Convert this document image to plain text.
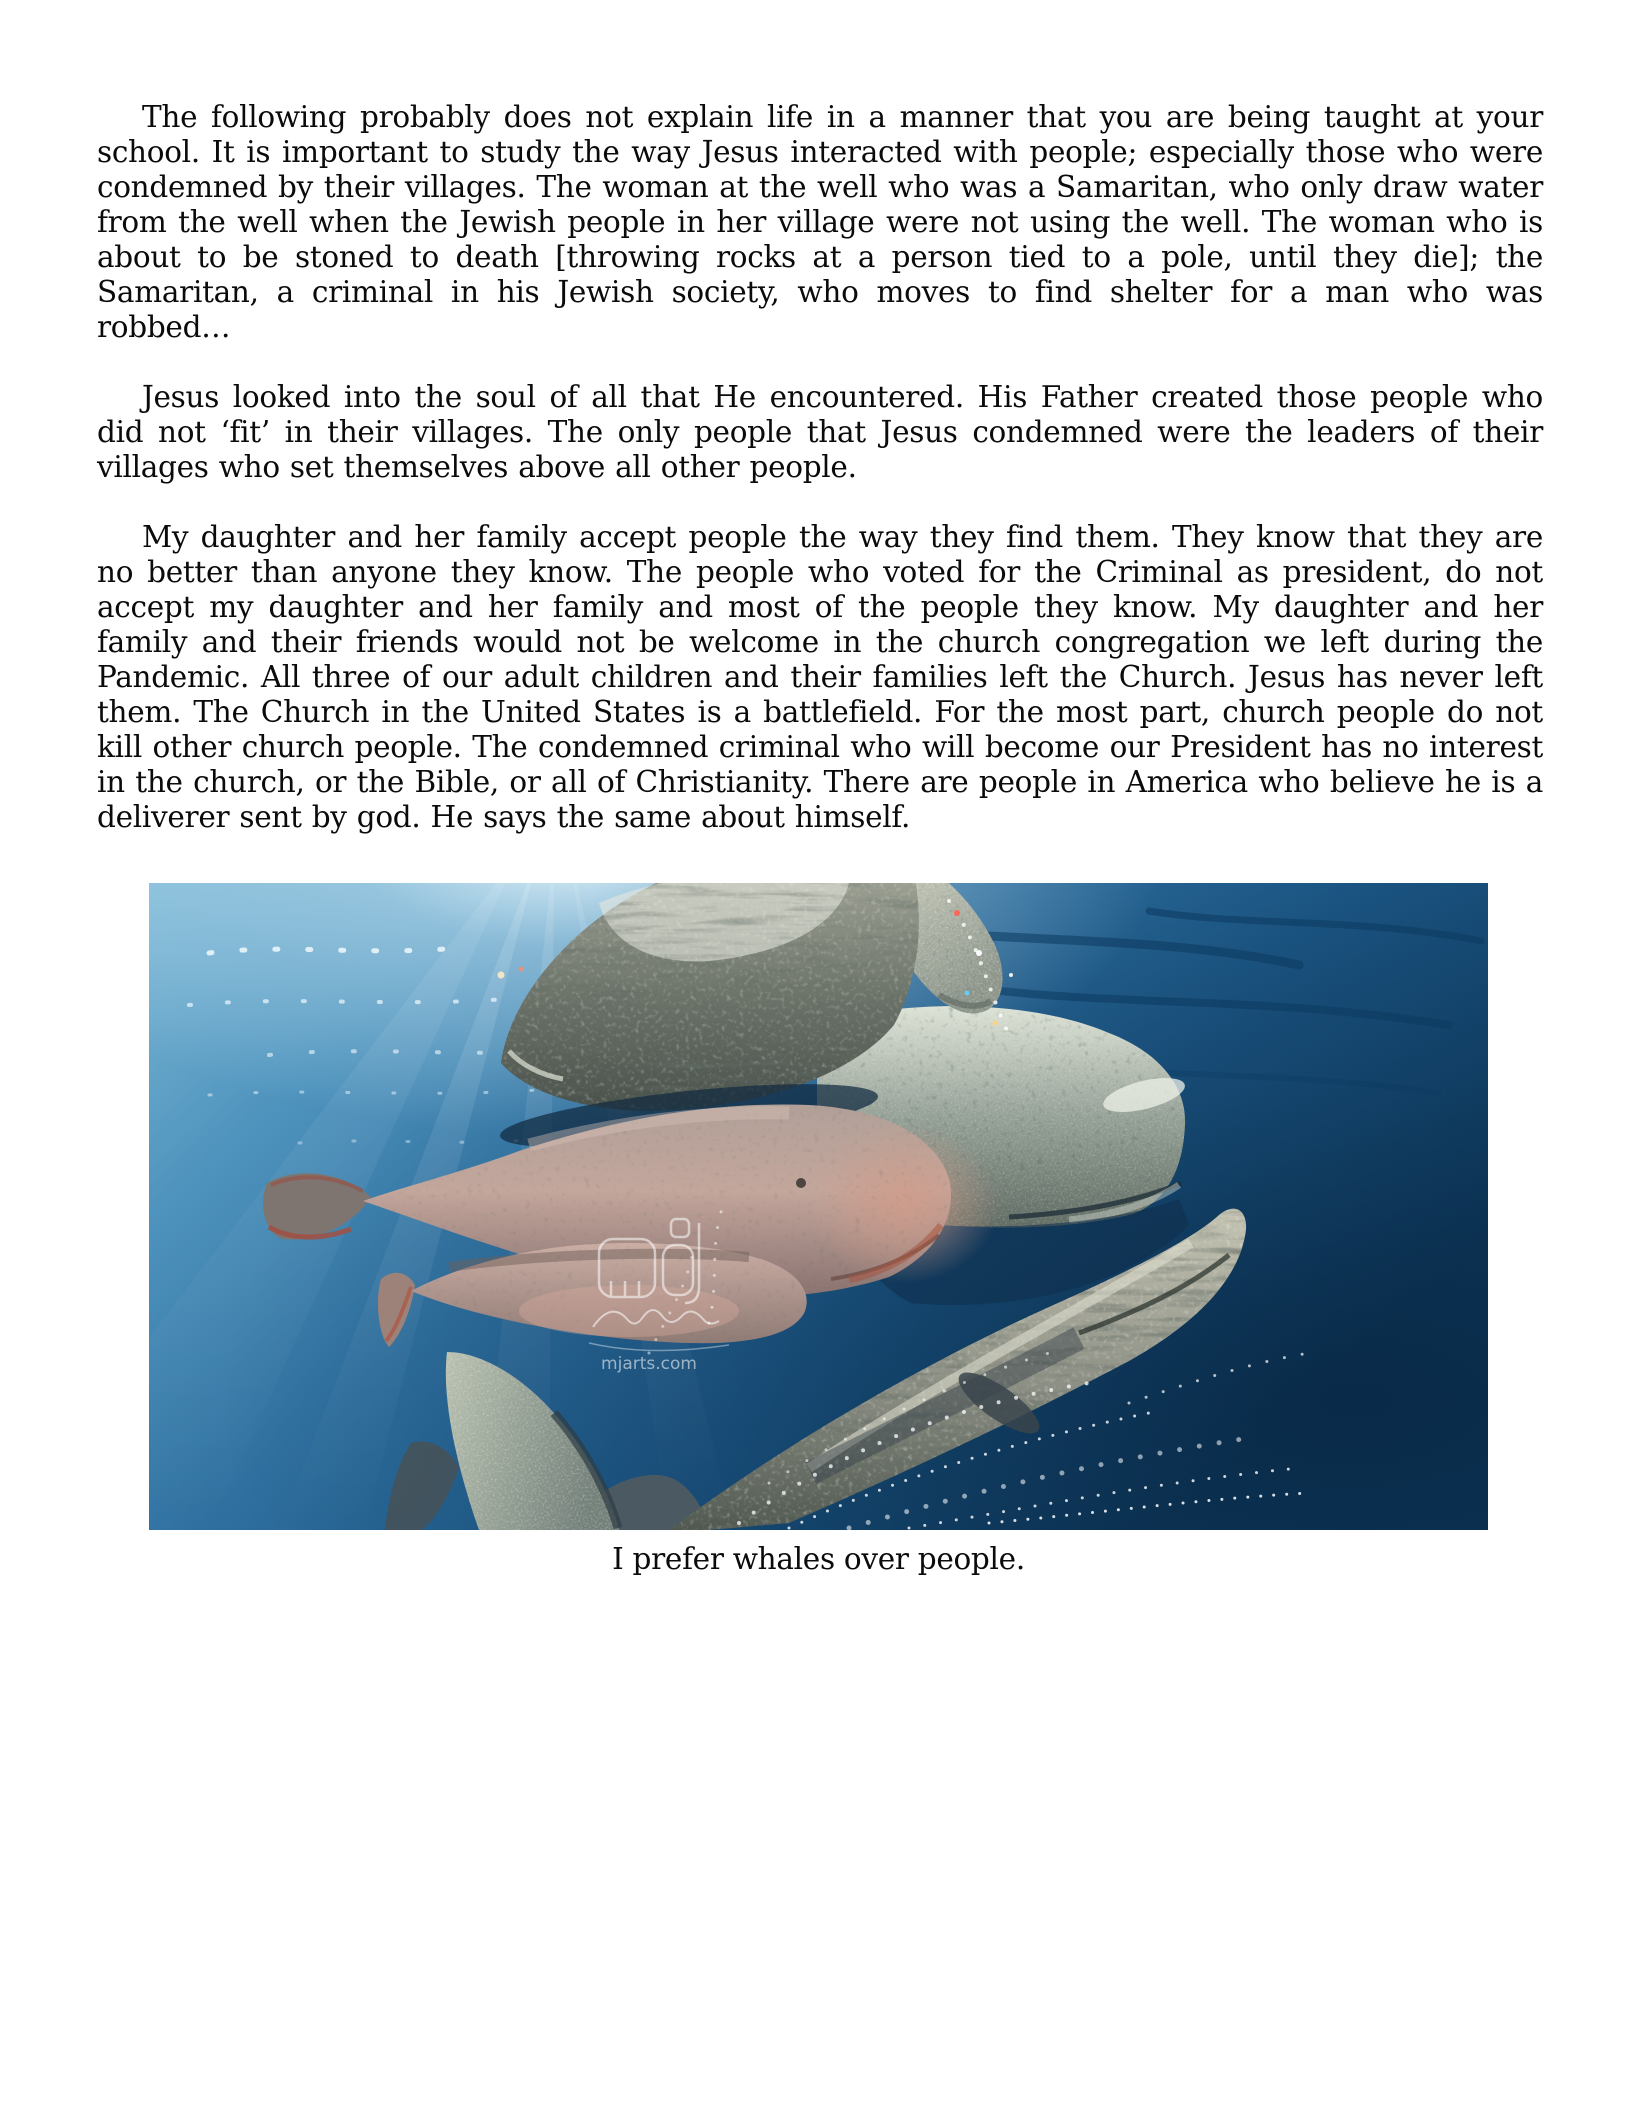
The following probably does not explain life in a manner that you are being taught at your school. It is important to study the way Jesus interacted with people; especially those who were condemned by their villages. The woman at the well who was a Samaritan, who only draw water from the well when the Jewish people in her village were not using the well. The woman who is about to be stoned to death [throwing rocks at a person tied to a pole, until they die]; the Samaritan, a criminal in his Jewish society, who moves to find shelter for a man who was robbed…

Jesus looked into the soul of all that He encountered. His Father created those people who did not ‘fit’ in their villages. The only people that Jesus condemned were the leaders of their villages who set themselves above all other people.

My daughter and her family accept people the way they find them. They know that they are no better than anyone they know. The people who voted for the Criminal as president, do not accept my daughter and her family and most of the people they know. My daughter and her family and their friends would not be welcome in the church congregation we left during the Pandemic. All three of our adult children and their families left the Church. Jesus has never left them. The Church in the United States is a battlefield. For the most part, church people do not kill other church people. The condemned criminal who will become our President has no interest in the church, or the Bible, or all of Christianity. There are people in America who believe he is a deliverer sent by god. He says the same about himself.

mjarts.com
I prefer whales over people.
